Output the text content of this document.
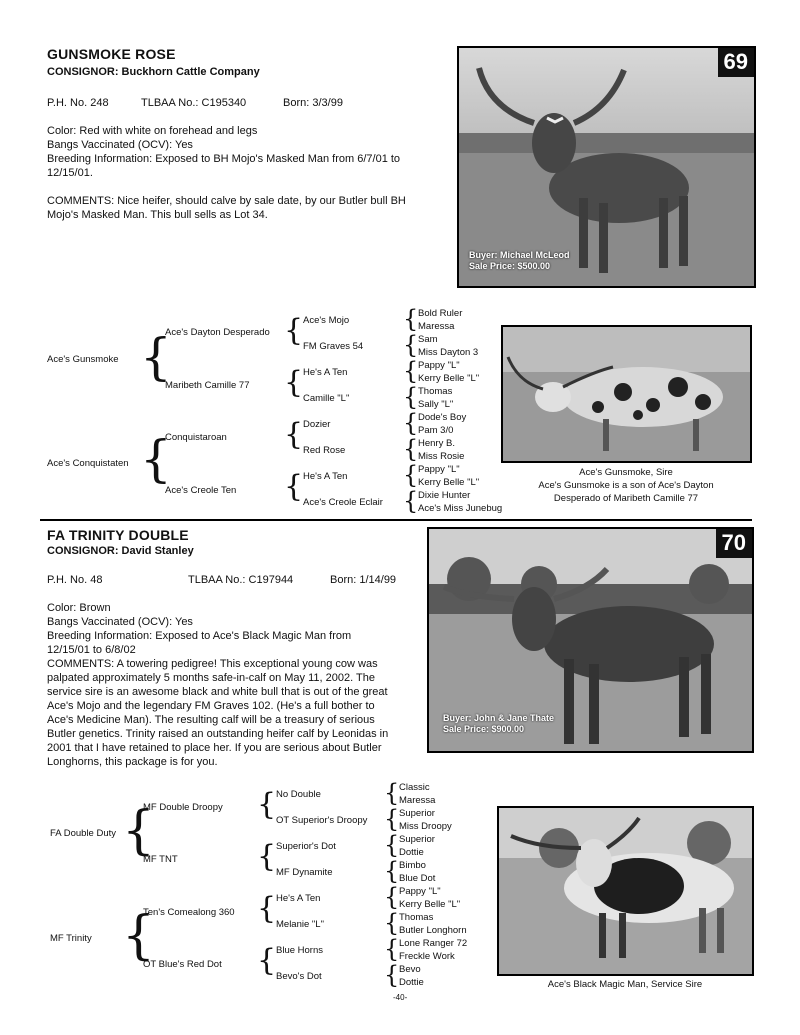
GUNSMOKE ROSE
CONSIGNOR: Buckhorn Cattle Company
P.H. No. 248	TLBAA No.: C195340	Born: 3/3/99
Color: Red with white on forehead and legs
Bangs Vaccinated (OCV): Yes
Breeding Information: Exposed to BH Mojo's Masked Man from 6/7/01 to
12/15/01.
COMMENTS: Nice heifer, should calve by sale date, by our Butler bull BH
Mojo's Masked Man. This bull sells as Lot 34.
69
Buyer: Michael McLeod
Sale Price: $500.00
Ace's Gunsmoke
Ace's Conquistaten
{
{
Ace's Dayton Desperado
Maribeth Camille 77
Conquistaroan
Ace's Creole Ten
{
{
{
{
Ace's Mojo
FM Graves 54
He's A Ten
Camille "L"
Dozier
Red Rose
He's A Ten
Ace's Creole Eclair
Bold Ruler
{ Maressa
Sam
{ Miss Dayton 3
Pappy "L"
{ Kerry Belle "L"
Thomas
{ Sally "L"
Dode's Boy
{ Pam 3/0
Henry B.
{ Miss Rosie
Pappy "L"
{ Kerry Belle "L"
Dixie Hunter
{ Ace's Miss Junebug
Ace's Gunsmoke, Sire
Ace's Gunsmoke is a son of Ace's Dayton
Desperado of Maribeth Camille 77
FA TRINITY DOUBLE
CONSIGNOR: David Stanley
P.H. No. 48	TLBAA No.: C197944	Born: 1/14/99
Color: Brown
Bangs Vaccinated (OCV): Yes
Breeding Information: Exposed to Ace's Black Magic Man from
12/15/01 to 6/8/02
COMMENTS: A towering pedigree! This exceptional young cow was
palpated approximately 5 months safe-in-calf on May 11, 2002. The
service sire is an awesome black and white bull that is out of the great
Ace's Mojo and the legendary FM Graves 102. (He's a full bother to
Ace's Medicine Man). The resulting calf will be a treasury of serious
Butler genetics. Trinity raised an outstanding heifer calf by Leonidas in
2001 that I have retained to place her. If you are serious about Butler
Longhorns, this package is for you.
70
Buyer: John & Jane Thate
Sale Price: $900.00
FA Double Duty
MF Trinity
{
{
MF Double Droopy
MF TNT
Ten's Comealong 360
OT Blue's Red Dot
{
{
{
{
No Double
OT Superior's Droopy
Superior's Dot
MF Dynamite
He's A Ten
Melanie "L"
Blue Horns
Bevo's Dot
Classic
{ Maressa
Superior
{ Miss Droopy
Superior
{ Dottie
Bimbo
{ Blue Dot
Pappy "L"
{ Kerry Belle "L"
Thomas
{ Butler Longhorn
Lone Ranger 72
{ Freckle Work
Bevo
{ Dottie	Ace's Black Magic Man, Service Sire
-40-
